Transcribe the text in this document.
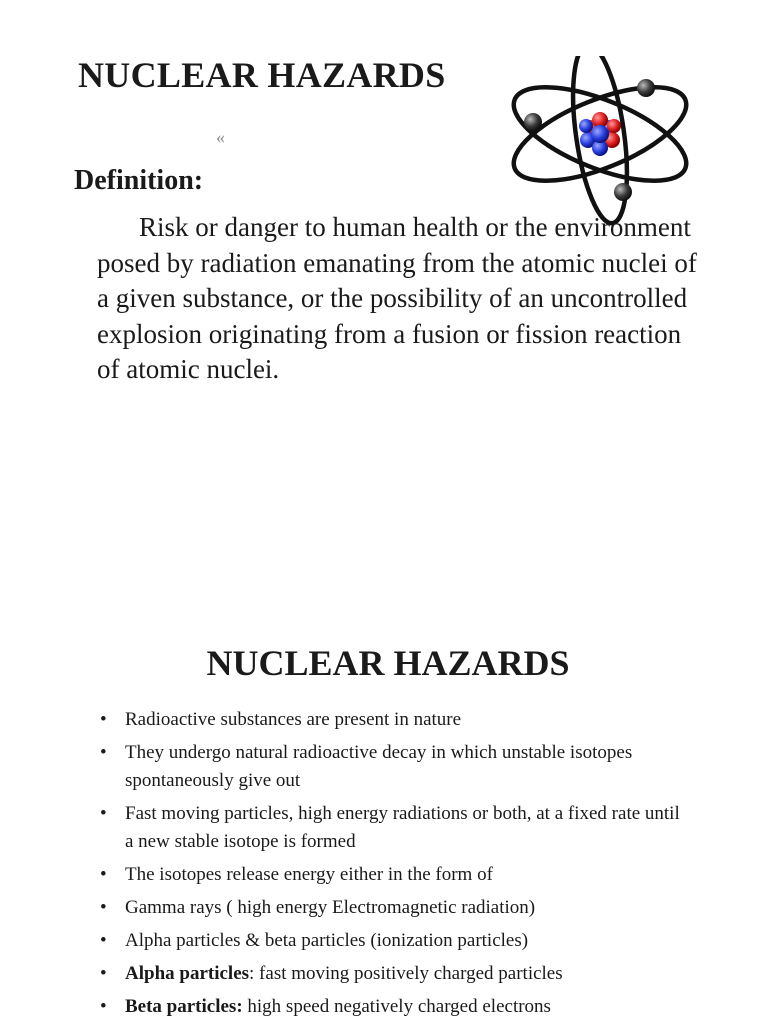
NUCLEAR HAZARDS
«
Definition:

Risk or danger to human health or the environment posed by radiation emanating from the atomic nuclei of a given substance, or the possibility of an uncontrolled explosion originating from a fusion or fission reaction of atomic nuclei.

NUCLEAR HAZARDS
• Radioactive substances are present in nature
• They undergo natural radioactive decay in which unstable isotopes spontaneously give out
• Fast moving particles, high energy radiations or both, at a fixed rate until a new stable isotope is formed
• The isotopes release energy either in the form of
• Gamma rays ( high energy Electromagnetic radiation)
• Alpha particles & beta particles (ionization particles)
• Alpha particles: fast moving positively charged particles
• Beta particles: high speed negatively charged electrons
